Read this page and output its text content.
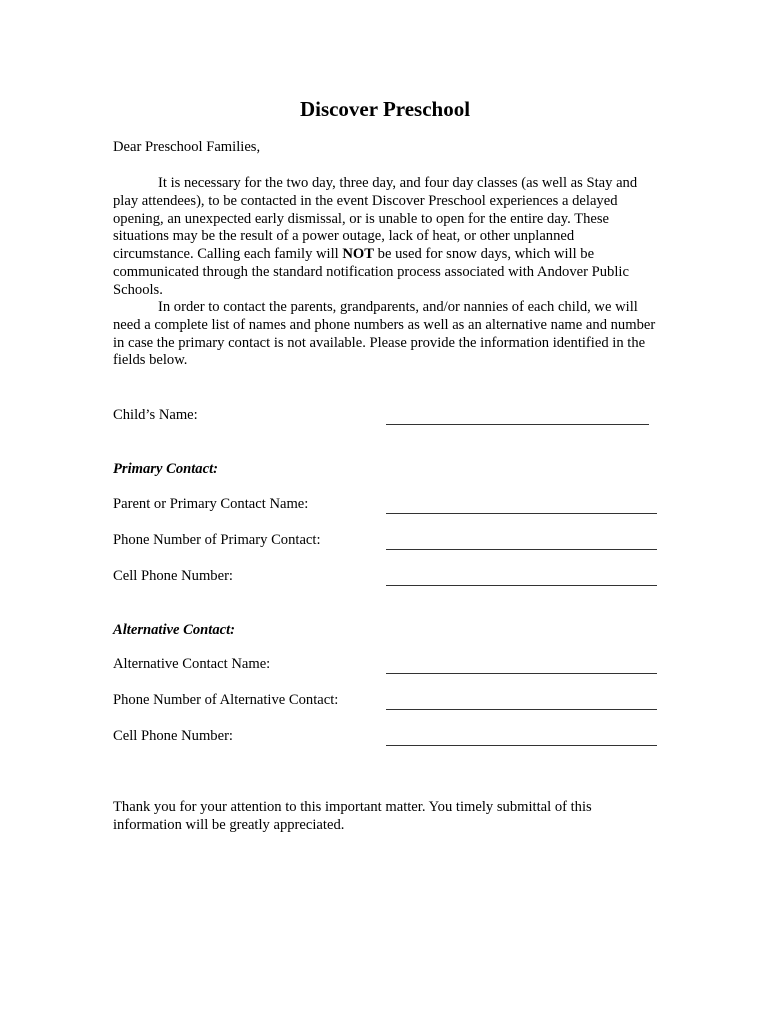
Discover Preschool
Dear Preschool Families,
It is necessary for the two day, three day, and four day classes (as well as Stay and play attendees), to be contacted in the event Discover Preschool experiences a delayed opening, an unexpected early dismissal, or is unable to open for the entire day. These situations may be the result of a power outage, lack of heat, or other unplanned circumstance. Calling each family will NOT be used for snow days, which will be communicated through the standard notification process associated with Andover Public Schools.
In order to contact the parents, grandparents, and/or nannies of each child, we will need a complete list of names and phone numbers as well as an alternative name and number in case the primary contact is not available. Please provide the information identified in the fields below.
Child’s Name:
Primary Contact:
Parent or Primary Contact Name:
Phone Number of Primary Contact:
Cell Phone Number:
Alternative Contact:
Alternative Contact Name:
Phone Number of Alternative Contact:
Cell Phone Number:
Thank you for your attention to this important matter. You timely submittal of this information will be greatly appreciated.
